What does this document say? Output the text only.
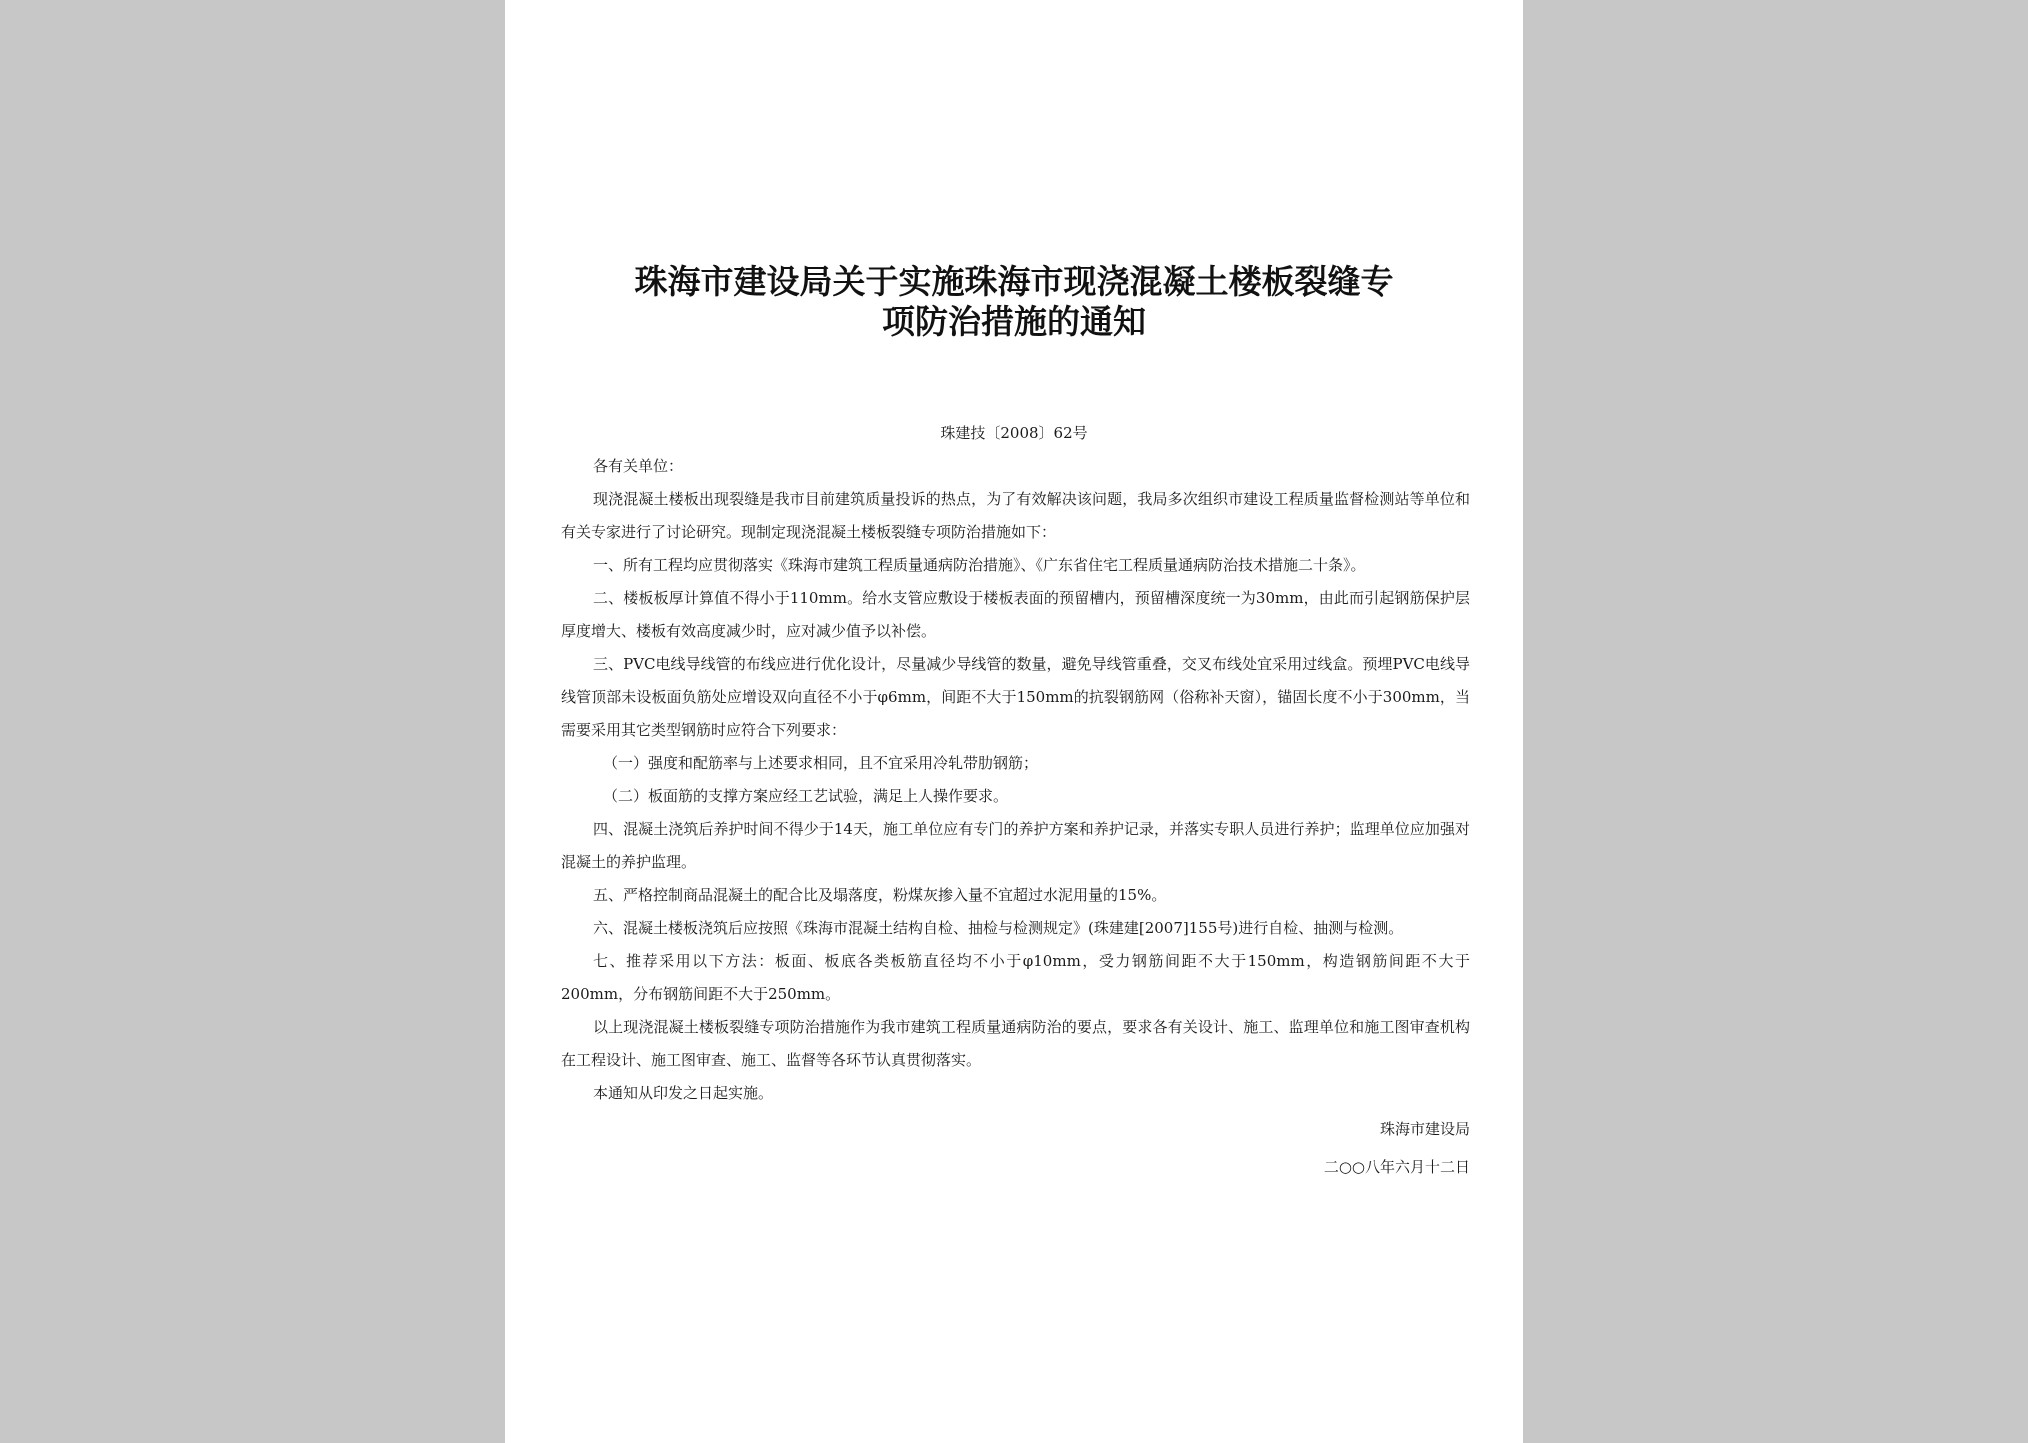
珠海市建设局关于实施珠海市现浇混凝土楼板裂缝专
项防治措施的通知
珠建技〔2008〕62号

各有关单位：

现浇混凝土楼板出现裂缝是我市目前建筑质量投诉的热点，为了有效解决该问题，我局多次组织市建设工程质量监督检测站等单位和有关专家进行了讨论研究。现制定现浇混凝土楼板裂缝专项防治措施如下：

一、所有工程均应贯彻落实《珠海市建筑工程质量通病防治措施》、《广东省住宅工程质量通病防治技术措施二十条》。

二、楼板板厚计算值不得小于110mm。给水支管应敷设于楼板表面的预留槽内，预留槽深度统一为30mm，由此而引起钢筋保护层厚度增大、楼板有效高度减少时，应对减少值予以补偿。

三、PVC电线导线管的布线应进行优化设计，尽量减少导线管的数量，避免导线管重叠，交叉布线处宜采用过线盒。预埋PVC电线导线管顶部未设板面负筋处应增设双向直径不小于φ6mm，间距不大于150mm的抗裂钢筋网（俗称补天窗），锚固长度不小于300mm，当需要采用其它类型钢筋时应符合下列要求：

（一）强度和配筋率与上述要求相同，且不宜采用冷轧带肋钢筋；

（二）板面筋的支撑方案应经工艺试验，满足上人操作要求。

四、混凝土浇筑后养护时间不得少于14天，施工单位应有专门的养护方案和养护记录，并落实专职人员进行养护；监理单位应加强对混凝土的养护监理。

五、严格控制商品混凝土的配合比及塌落度，粉煤灰掺入量不宜超过水泥用量的15%。

六、混凝土楼板浇筑后应按照《珠海市混凝土结构自检、抽检与检测规定》(珠建建[2007]155号)进行自检、抽测与检测。

七、推荐采用以下方法：板面、板底各类板筋直径均不小于φ10mm，受力钢筋间距不大于150mm，构造钢筋间距不大于200mm，分布钢筋间距不大于250mm。

以上现浇混凝土楼板裂缝专项防治措施作为我市建筑工程质量通病防治的要点，要求各有关设计、施工、监理单位和施工图审查机构在工程设计、施工图审查、施工、监督等各环节认真贯彻落实。

本通知从印发之日起实施。

珠海市建设局
二○○八年六月十二日
